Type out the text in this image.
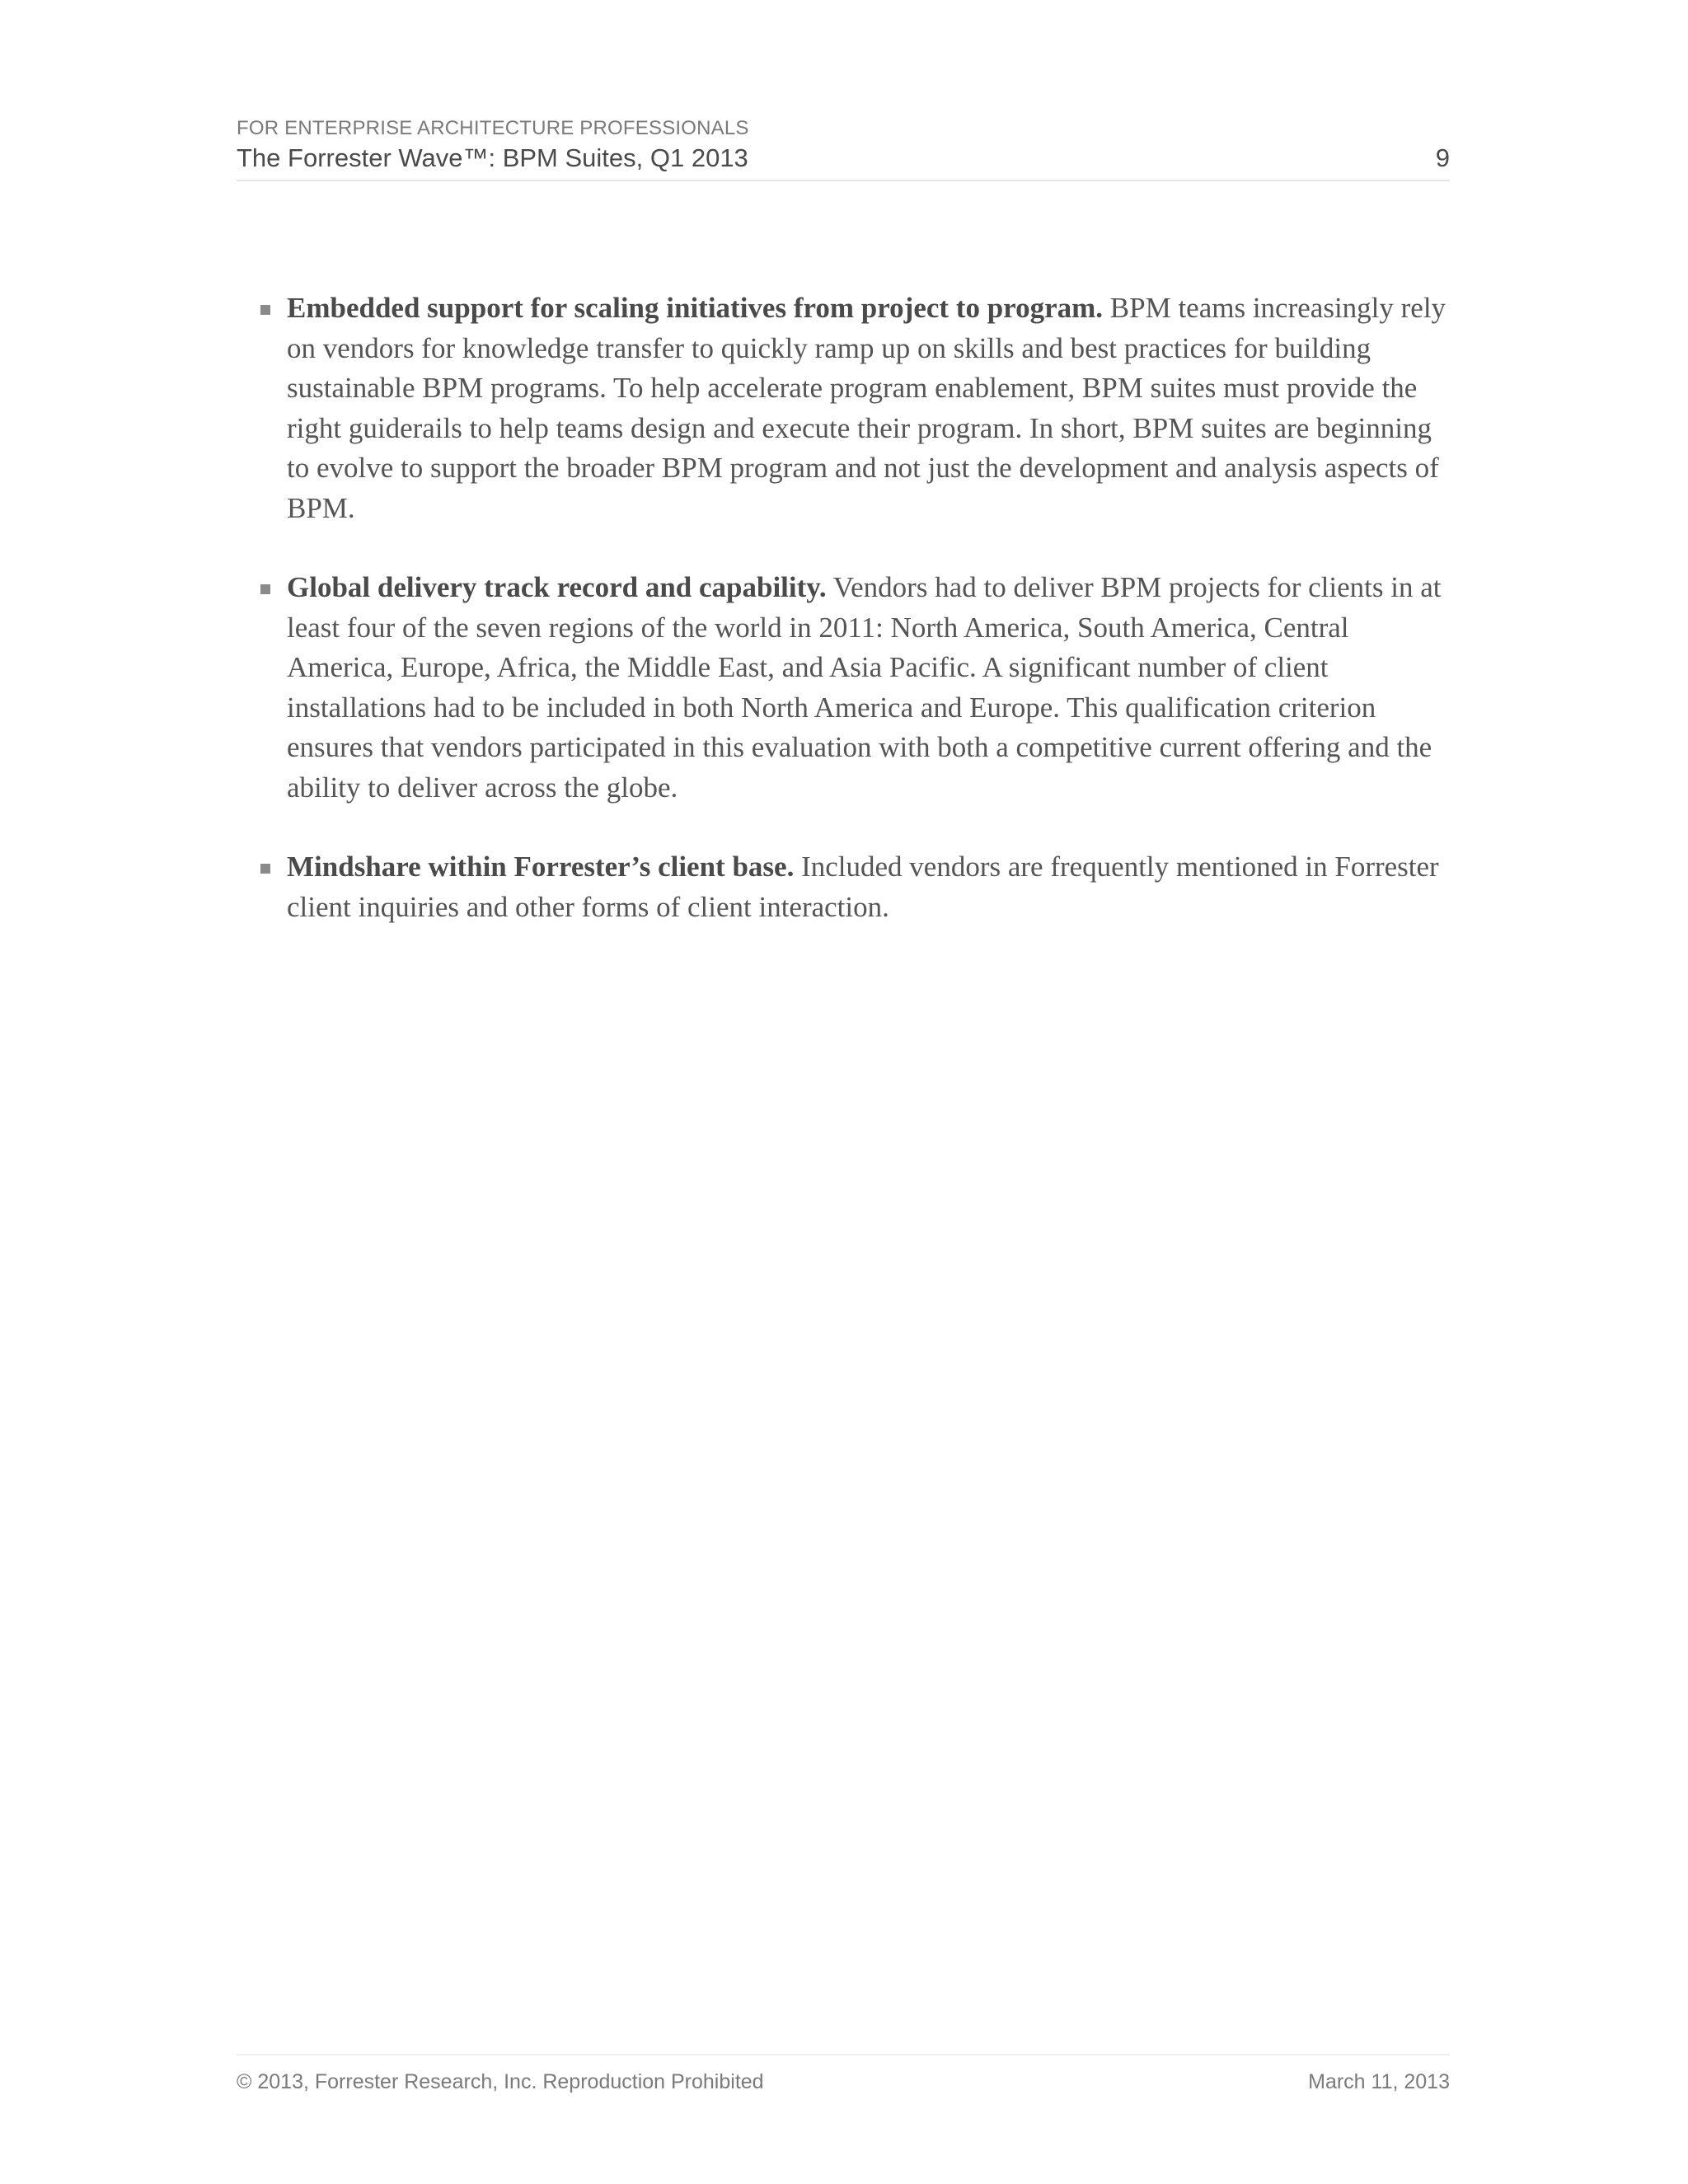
FOR ENTERPRISE ARCHITECTURE PROFESSIONALS
The Forrester Wave™: BPM Suites, Q1 2013	9
Embedded support for scaling initiatives from project to program. BPM teams increasingly rely on vendors for knowledge transfer to quickly ramp up on skills and best practices for building sustainable BPM programs. To help accelerate program enablement, BPM suites must provide the right guiderails to help teams design and execute their program. In short, BPM suites are beginning to evolve to support the broader BPM program and not just the development and analysis aspects of BPM.
Global delivery track record and capability. Vendors had to deliver BPM projects for clients in at least four of the seven regions of the world in 2011: North America, South America, Central America, Europe, Africa, the Middle East, and Asia Pacific. A significant number of client installations had to be included in both North America and Europe. This qualification criterion ensures that vendors participated in this evaluation with both a competitive current offering and the ability to deliver across the globe.
Mindshare within Forrester’s client base. Included vendors are frequently mentioned in Forrester client inquiries and other forms of client interaction.
© 2013, Forrester Research, Inc. Reproduction Prohibited	March 11, 2013
